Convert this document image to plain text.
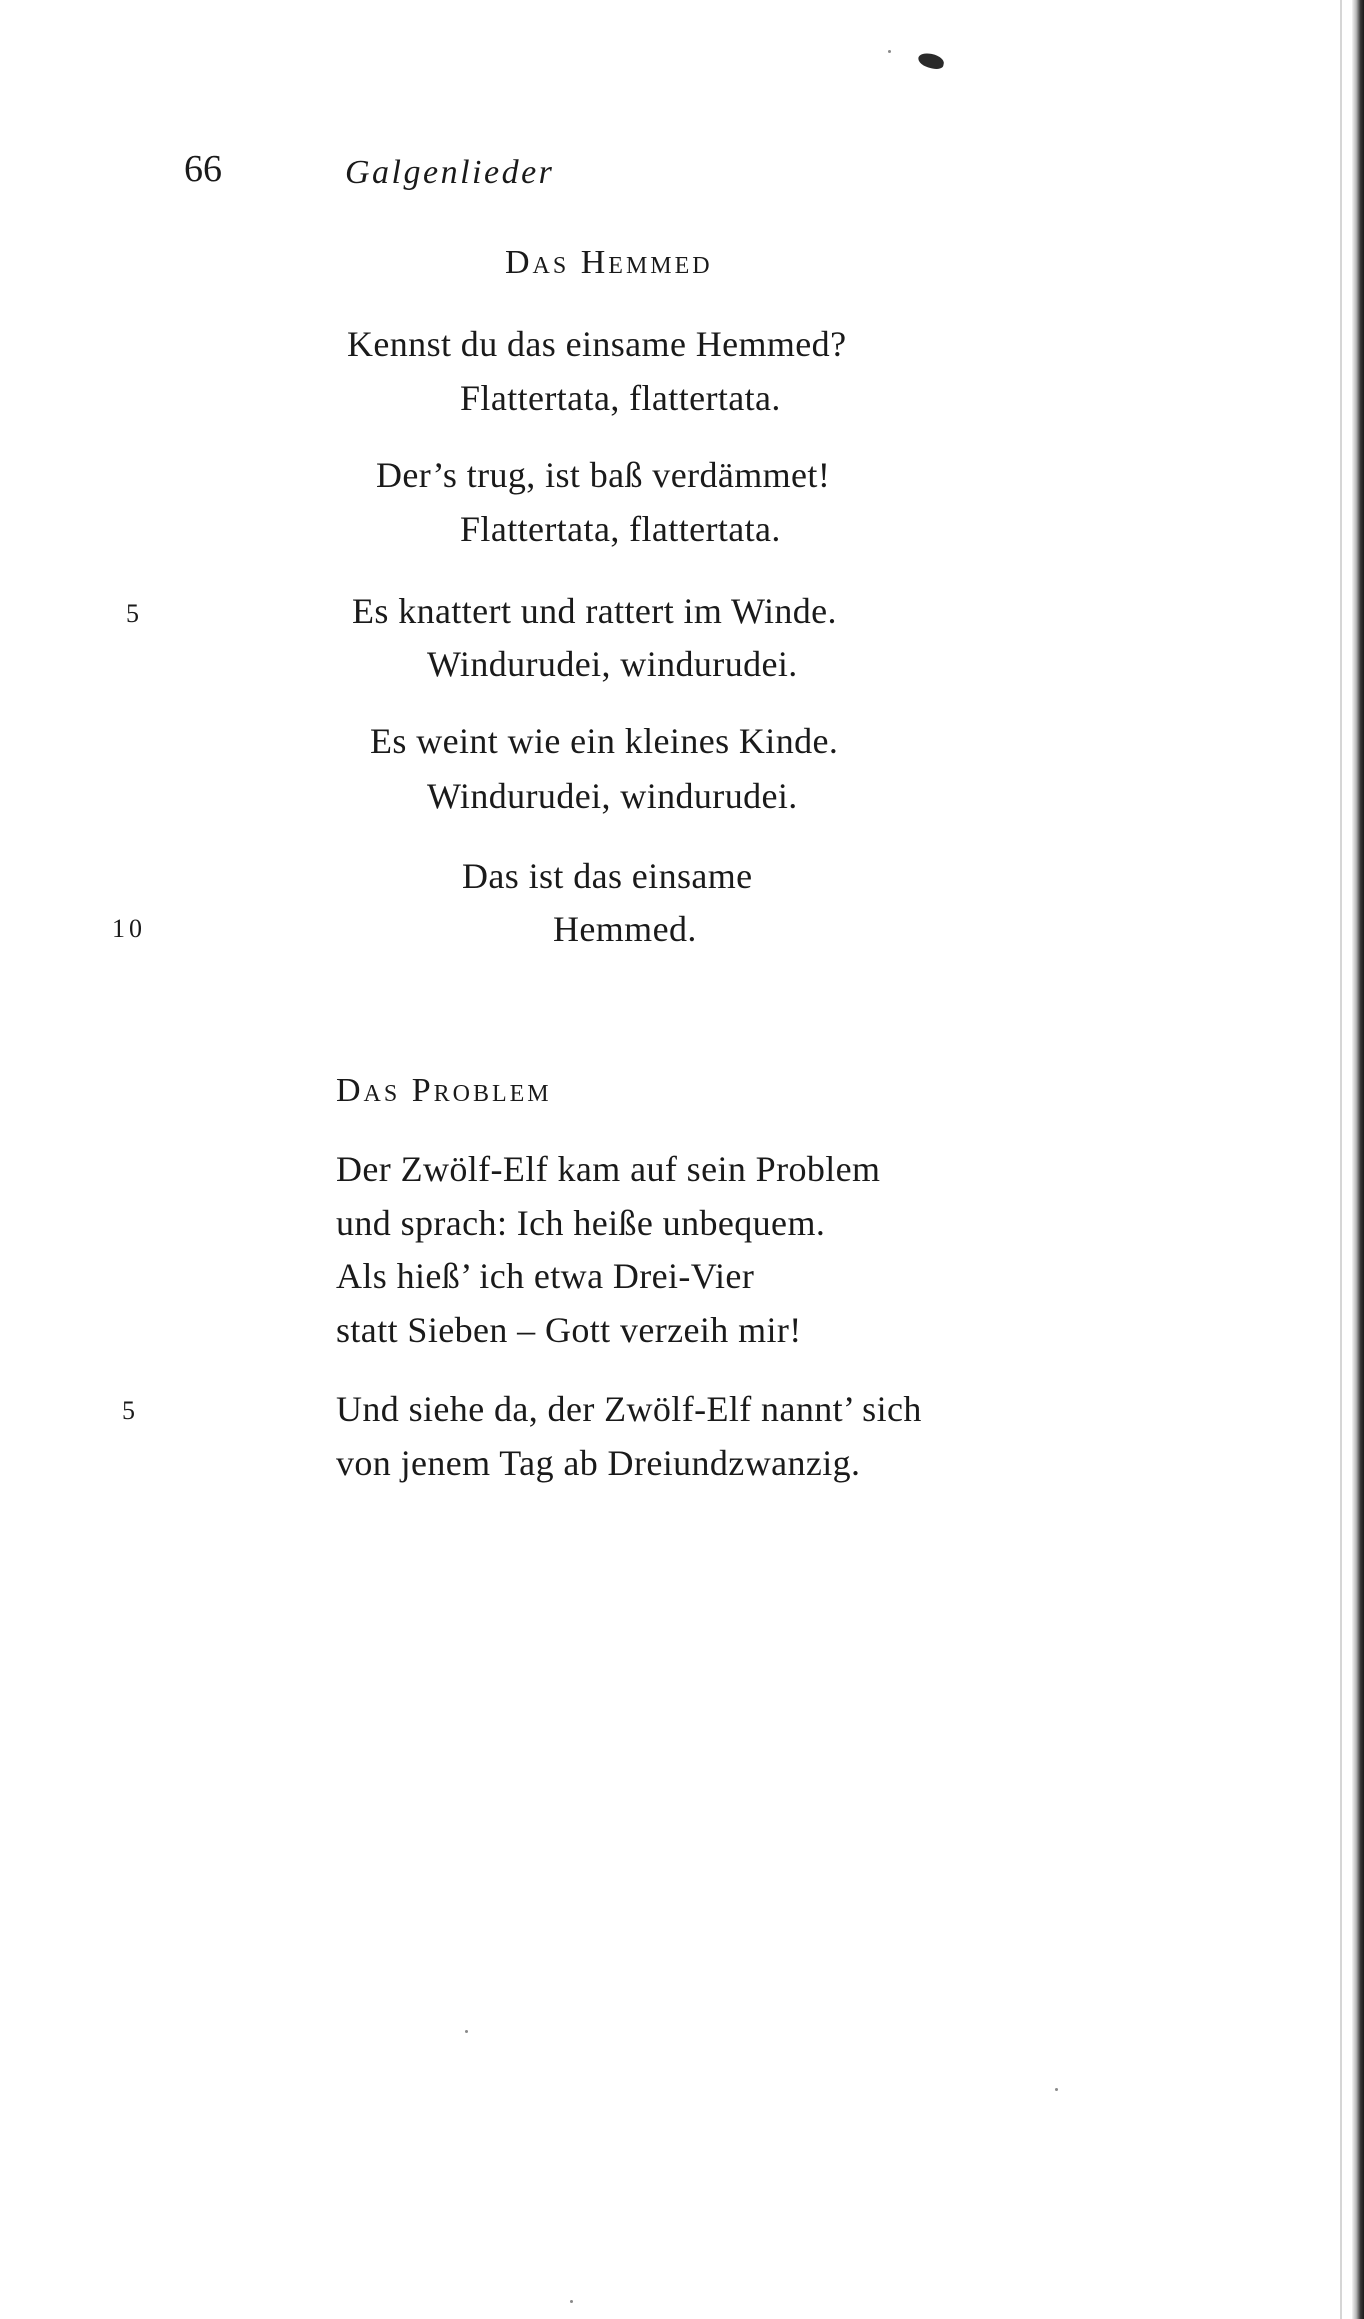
66	Galgenlieder
Das Hemmed
Kennst du das einsame Hemmed?
Flattertata, flattertata.
Der’s trug, ist baß verdämmet!
Flattertata, flattertata.
5	Es knattert und rattert im Winde.
Windurudei, windurudei.
Es weint wie ein kleines Kinde.
Windurudei, windurudei.
Das ist das einsame
10	Hemmed.
Das Problem
Der Zwölf-Elf kam auf sein Problem
und sprach: Ich heiße unbequem.
Als hieß’ ich etwa Drei-Vier
statt Sieben – Gott verzeih mir!
5	Und siehe da, der Zwölf-Elf nannt’ sich
von jenem Tag ab Dreiundzwanzig.
